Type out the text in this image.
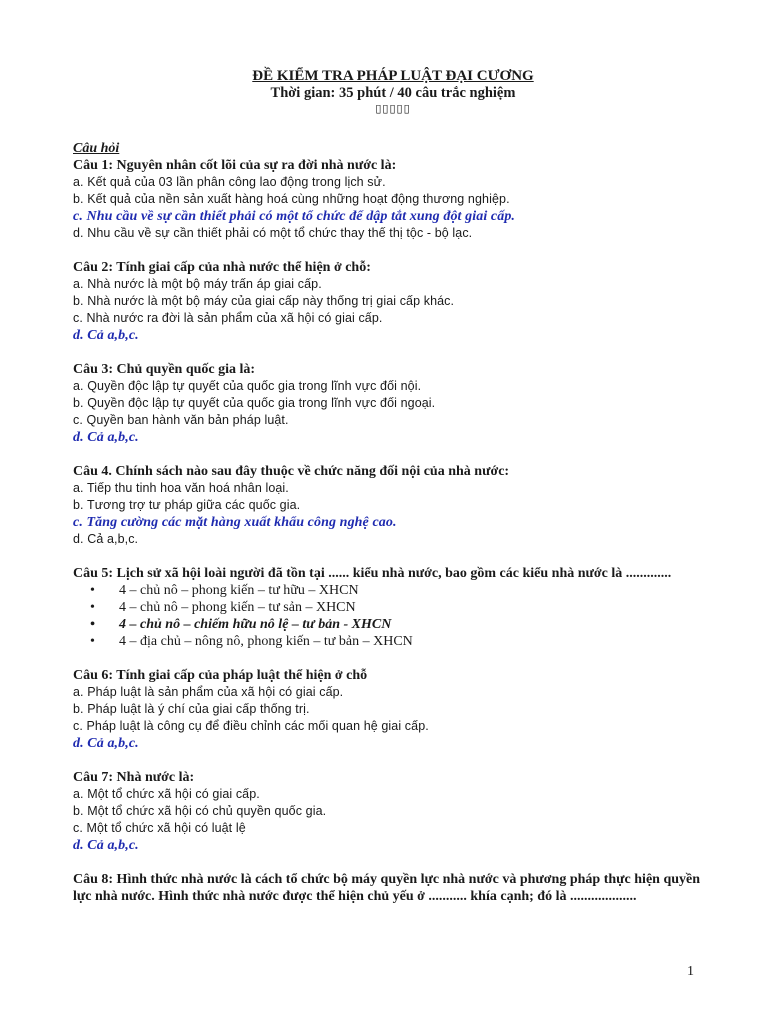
ĐỀ KIỂM TRA PHÁP LUẬT ĐẠI CƯƠNG
Thời gian: 35 phút / 40 câu trắc nghiệm
▯▯▯▯▯
Câu hỏi
Câu 1: Nguyên nhân cốt lõi của sự ra đời nhà nước là:
a. Kết quả của 03 lần phân công lao động trong lịch sử.
b. Kết quả của nền sản xuất hàng hoá cùng những hoạt động thương nghiệp.
c. Nhu cầu về sự cần thiết phải có một tổ chức để dập tắt xung đột giai cấp.
d. Nhu cầu về sự cần thiết phải có một tổ chức thay thế thị tộc - bộ lạc.
Câu 2: Tính giai cấp của nhà nước thể hiện ở chỗ:
a. Nhà nước là một bộ máy trấn áp giai cấp.
b. Nhà nước là một bộ máy của giai cấp này thống trị giai cấp khác.
c. Nhà nước ra đời là sản phẩm của xã hội có giai cấp.
d. Cả a,b,c.
Câu 3: Chủ quyền quốc gia là:
a. Quyền độc lập tự quyết của quốc gia trong lĩnh vực đối nội.
b. Quyền độc lập tự quyết của quốc gia trong lĩnh vực đối ngoại.
c. Quyền ban hành văn bản pháp luật.
d. Cả a,b,c.
Câu 4. Chính sách nào sau đây thuộc về chức năng đối nội của nhà nước:
a. Tiếp thu tinh hoa văn hoá nhân loại.
b. Tương trợ tư pháp giữa các quốc gia.
c. Tăng cường các mặt hàng xuất khẩu công nghệ cao.
d. Cả a,b,c.
Câu 5: Lịch sử xã hội loài người đã tồn tại ...... kiểu nhà nước, bao gồm các kiểu nhà nước là .............
• 4 – chủ nô – phong kiến – tư hữu – XHCN
• 4 – chủ nô – phong kiến – tư sản – XHCN
• 4 – chủ nô – chiếm hữu nô lệ – tư bản - XHCN
• 4 – địa chủ – nông nô, phong kiến – tư bản – XHCN
Câu 6: Tính giai cấp của pháp luật thể hiện ở chỗ
a. Pháp luật là sản phẩm của xã hội có giai cấp.
b. Pháp luật là ý chí của giai cấp thống trị.
c. Pháp luật là công cụ để điều chỉnh các mối quan hệ giai cấp.
d. Cả a,b,c.
Câu 7: Nhà nước là:
a. Một tổ chức xã hội có giai cấp.
b. Một tổ chức xã hội có chủ quyền quốc gia.
c. Một tổ chức xã hội có luật lệ
d. Cả a,b,c.
Câu 8: Hình thức nhà nước là cách tổ chức bộ máy quyền lực nhà nước và phương pháp thực hiện quyền lực nhà nước. Hình thức nhà nước được thể hiện chủ yếu ở ........... khía cạnh; đó là ...................
1
